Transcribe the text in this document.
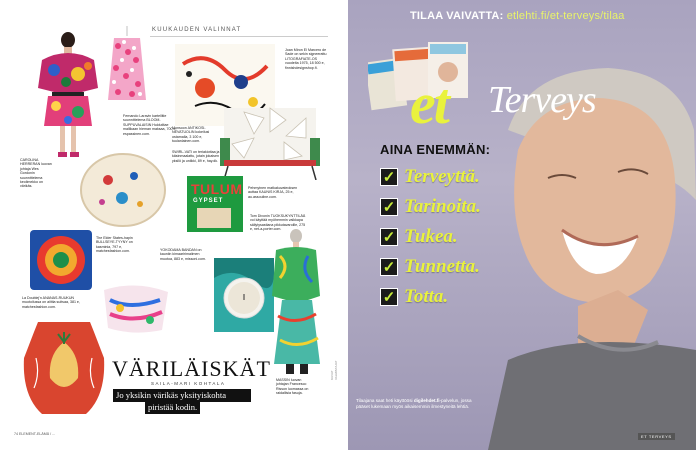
KUUKAUDEN VALINNAT
Fernando Laravin kartellitie suunnittelema BLOOM-SUPPUVALAISIN Huldutitae mallikaan hieman maksaa, 700 e, espassinen.com.
CAROLINA HERRERAN luovan johtaja Wes Gordonin suunnittelema keolimekko on värikäs.
Joan Miron El Marcero de Sade on sekin signeerattu LITOGRAFIATE-OS vuodelta 1975, 18 500 e, finnishdesignshop.fi.
Monsoon ANTIKOSI-NEVATUOLIN kokeilusi ostamalla, 3 100 e, tuulanlainen.com.
SWIRL-VATI on teriakiottaa ja käsinmaalattu, jotain jokaisen yksilö ja uniikki, 89 e, hay.dk.
TULUM
GYPSET
Pehmytnen matkakuvateoksen auttaa KAUNIS KIRJA, 25 e, au.assouline.com.
Tom Dixonin TUOKSUKYNTTILÄÄ voi käyttää myöhemmin vaikkapa säilytysastiana pikkutavaroille, 275 e, net-a-porter.com.
The Elder States-hapin BULLSEYE-TYYNY on kasminia, 797 e, matchesfashion.com.	YOKODAMA BANDAN on kauniin kimaaririmaiimen muotoa, 883 e, missoni.com.
MASSIN luovan johtajan Francesco Risson luomassa on raidallisia fasuja.
La Doublej'n ANANAS-RUUKUN muotoilussa on aiittia suitsaa, 381 e, matchesfashion.com.
VÄRILÄISKÄT
SAILA-MARI KOHTALA
Jo yksikin värikäs yksityiskohta
piristää kodin.
74 ELEMENT-ELÄMÄ / ...
KUVAT VALMISTAJAT
TILAA VAIVATTA: etlehti.fi/et-terveys/tilaa
et Terveys
AINA ENEMMÄN:
✓ Terveyttä.
✓ Tarinoita.
✓ Tukea.
✓ Tunnetta.
✓ Totta.
Tilaajana saat heti käyttöösi digilehdet.fi-palvelun, jossa pääset lukemaan myös aikaisemmin ilmestyneitä lehtiä.
ET TERVEYS
